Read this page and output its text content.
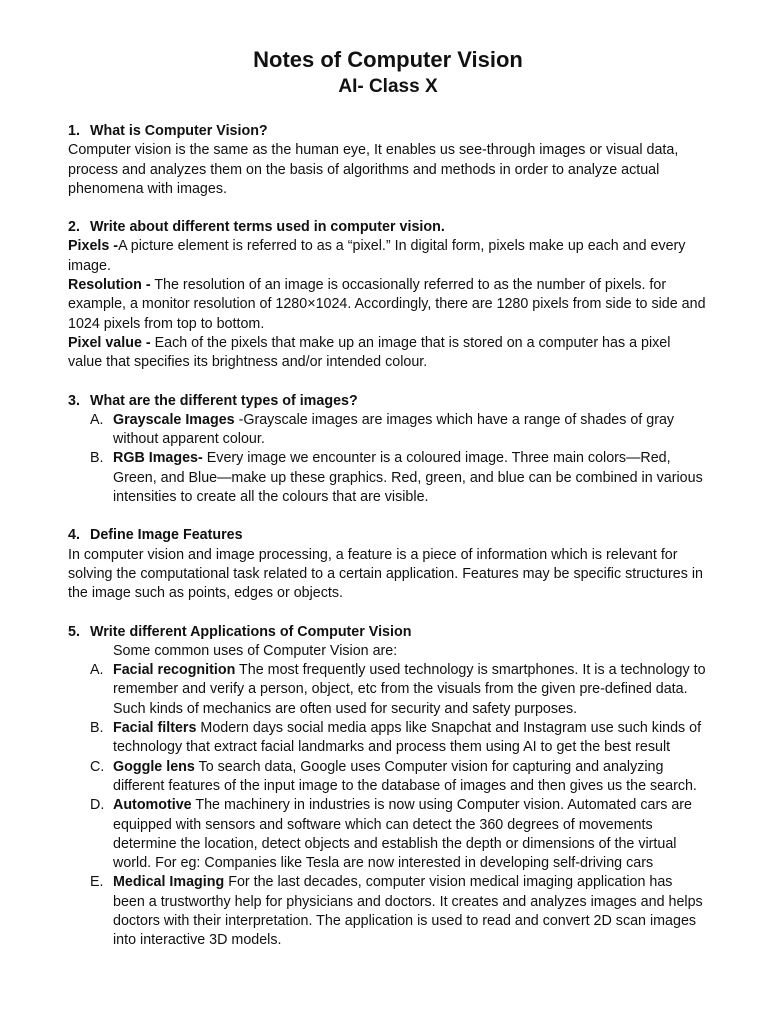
Notes of Computer Vision
AI- Class X
1. What is Computer Vision?

Computer vision is the same as the human eye, It enables us see-through images or visual data, process and analyzes them on the basis of algorithms and methods in order to analyze actual phenomena with images.

2. Write about different terms used in computer vision.

Pixels -A picture element is referred to as a “pixel.” In digital form, pixels make up each and every image.

Resolution - The resolution of an image is occasionally referred to as the number of pixels. for example, a monitor resolution of 1280×1024. Accordingly, there are 1280 pixels from side to side and 1024 pixels from top to bottom.

Pixel value - Each of the pixels that make up an image that is stored on a computer has a pixel value that specifies its brightness and/or intended colour.

3. What are the different types of images?
A. Grayscale Images -Grayscale images are images which have a range of shades of gray without apparent colour.
B. RGB Images- Every image we encounter is a coloured image. Three main colors—Red, Green, and Blue—make up these graphics. Red, green, and blue can be combined in various intensities to create all the colours that are visible.
4. Define Image Features

In computer vision and image processing, a feature is a piece of information which is relevant for solving the computational task related to a certain application. Features may be specific structures in the image such as points, edges or objects.

5. Write different Applications of Computer Vision
Some common uses of Computer Vision are:
A. Facial recognition The most frequently used technology is smartphones. It is a technology to remember and verify a person, object, etc from the visuals from the given pre-defined data. Such kinds of mechanics are often used for security and safety purposes.
B. Facial filters Modern days social media apps like Snapchat and Instagram use such kinds of technology that extract facial landmarks and process them using AI to get the best result
C. Goggle lens To search data, Google uses Computer vision for capturing and analyzing different features of the input image to the database of images and then gives us the search.
D. Automotive The machinery in industries is now using Computer vision. Automated cars are equipped with sensors and software which can detect the 360 degrees of movements determine the location, detect objects and establish the depth or dimensions of the virtual world. For eg: Companies like Tesla are now interested in developing self-driving cars
E. Medical Imaging For the last decades, computer vision medical imaging application has been a trustworthy help for physicians and doctors. It creates and analyzes images and helps doctors with their interpretation. The application is used to read and convert 2D scan images into interactive 3D models.
